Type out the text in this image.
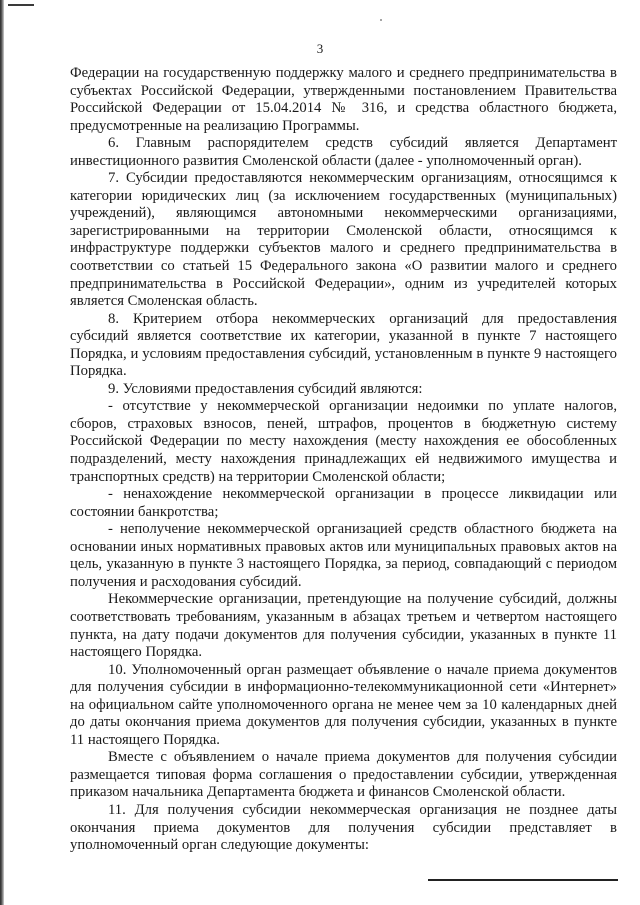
3

Федерации на государственную поддержку малого и среднего предпринимательства в субъектах Российской Федерации, утвержденными постановлением Правительства Российской Федерации от 15.04.2014 № 316, и средства областного бюджета, предусмотренные на реализацию Программы.

6. Главным распорядителем средств субсидий является Департамент инвестиционного развития Смоленской области (далее - уполномоченный орган).

7. Субсидии предоставляются некоммерческим организациям, относящимся к категории юридических лиц (за исключением государственных (муниципальных) учреждений), являющимся автономными некоммерческими организациями, зарегистрированными на территории Смоленской области, относящимся к инфраструктуре поддержки субъектов малого и среднего предпринимательства в соответствии со статьей 15 Федерального закона «О развитии малого и среднего предпринимательства в Российской Федерации», одним из учредителей которых является Смоленская область.

8. Критерием отбора некоммерческих организаций для предоставления субсидий является соответствие их категории, указанной в пункте 7 настоящего Порядка, и условиям предоставления субсидий, установленным в пункте 9 настоящего Порядка.

9. Условиями предоставления субсидий являются:

- отсутствие у некоммерческой организации недоимки по уплате налогов, сборов, страховых взносов, пеней, штрафов, процентов в бюджетную систему Российской Федерации по месту нахождения (месту нахождения ее обособленных подразделений, месту нахождения принадлежащих ей недвижимого имущества и транспортных средств) на территории Смоленской области;

- ненахождение некоммерческой организации в процессе ликвидации или состоянии банкротства;

- неполучение некоммерческой организацией средств областного бюджета на основании иных нормативных правовых актов или муниципальных правовых актов на цель, указанную в пункте 3 настоящего Порядка, за период, совпадающий с периодом получения и расходования субсидий.

Некоммерческие организации, претендующие на получение субсидий, должны соответствовать требованиям, указанным в абзацах третьем и четвертом настоящего пункта, на дату подачи документов для получения субсидии, указанных в пункте 11 настоящего Порядка.

10. Уполномоченный орган размещает объявление о начале приема документов для получения субсидии в информационно-телекоммуникационной сети «Интернет» на официальном сайте уполномоченного органа не менее чем за 10 календарных дней до даты окончания приема документов для получения субсидии, указанных в пункте 11 настоящего Порядка.

Вместе с объявлением о начале приема документов для получения субсидии размещается типовая форма соглашения о предоставлении субсидии, утвержденная приказом начальника Департамента бюджета и финансов Смоленской области.

11. Для получения субсидии некоммерческая организация не позднее даты окончания приема документов для получения субсидии представляет в уполномоченный орган следующие документы:
